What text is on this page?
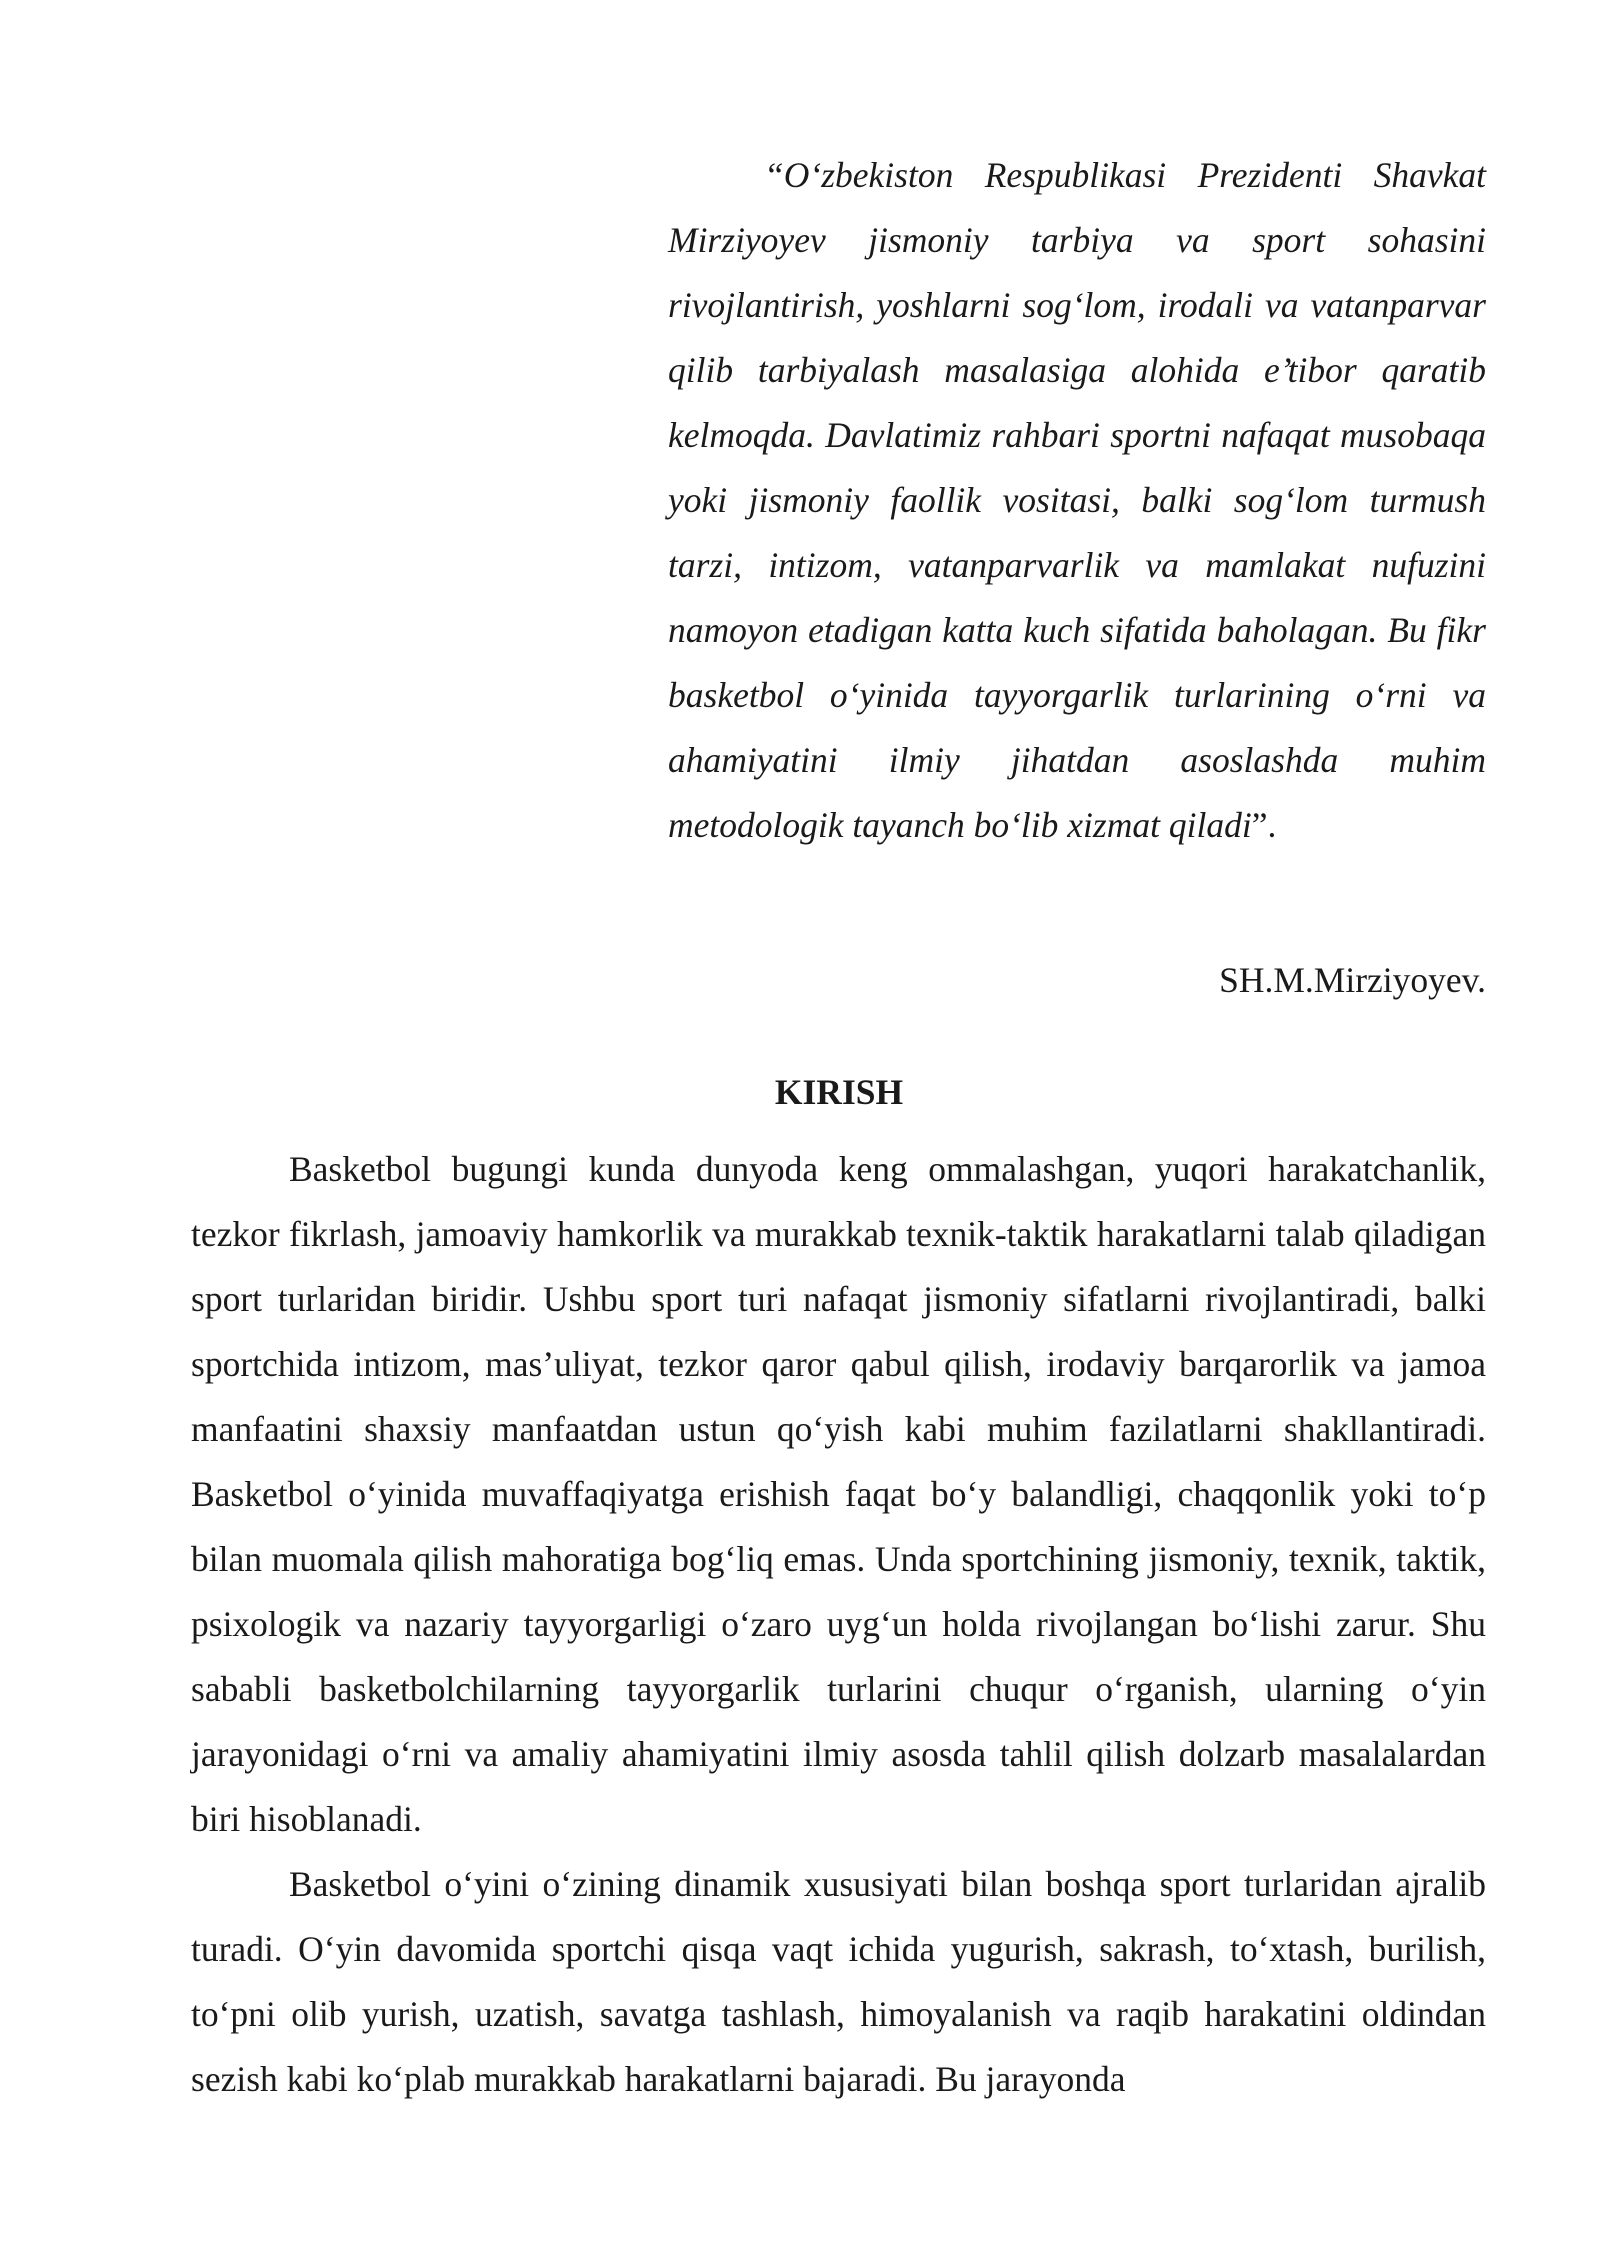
“O‘zbekiston Respublikasi Prezidenti Shavkat Mirziyoyev jismoniy tarbiya va sport sohasini rivojlantirish, yoshlarni sog‘lom, irodali va vatanparvar qilib tarbiyalash masalasiga alohida e’tibor qaratib kelmoqda. Davlatimiz rahbari sportni nafaqat musobaqa yoki jismoniy faollik vositasi, balki sog‘lom turmush tarzi, intizom, vatanparvarlik va mamlakat nufuzini namoyon etadigan katta kuch sifatida baholagan. Bu fikr basketbol o‘yinida tayyorgarlik turlarining o‘rni va ahamiyatini ilmiy jihatdan asoslashda muhim metodologik tayanch bo‘lib xizmat qiladi”.

SH.M.Mirziyoyev.

KIRISH

Basketbol bugungi kunda dunyoda keng ommalashgan, yuqori harakatchanlik, tezkor fikrlash, jamoaviy hamkorlik va murakkab texnik-taktik harakatlarni talab qiladigan sport turlaridan biridir. Ushbu sport turi nafaqat jismoniy sifatlarni rivojlantiradi, balki sportchida intizom, mas’uliyat, tezkor qaror qabul qilish, irodaviy barqarorlik va jamoa manfaatini shaxsiy manfaatdan ustun qo‘yish kabi muhim fazilatlarni shakllantiradi. Basketbol o‘yinida muvaffaqiyatga erishish faqat bo‘y balandligi, chaqqonlik yoki to‘p bilan muomala qilish mahoratiga bog‘liq emas. Unda sportchining jismoniy, texnik, taktik, psixologik va nazariy tayyorgarligi o‘zaro uyg‘un holda rivojlangan bo‘lishi zarur. Shu sababli basketbolchilarning tayyorgarlik turlarini chuqur o‘rganish, ularning o‘yin jarayonidagi o‘rni va amaliy ahamiyatini ilmiy asosda tahlil qilish dolzarb masalalardan biri hisoblanadi.

Basketbol o‘yini o‘zining dinamik xususiyati bilan boshqa sport turlaridan ajralib turadi. O‘yin davomida sportchi qisqa vaqt ichida yugurish, sakrash, to‘xtash, burilish, to‘pni olib yurish, uzatish, savatga tashlash, himoyalanish va raqib harakatini oldindan sezish kabi ko‘plab murakkab harakatlarni bajaradi. Bu jarayonda
